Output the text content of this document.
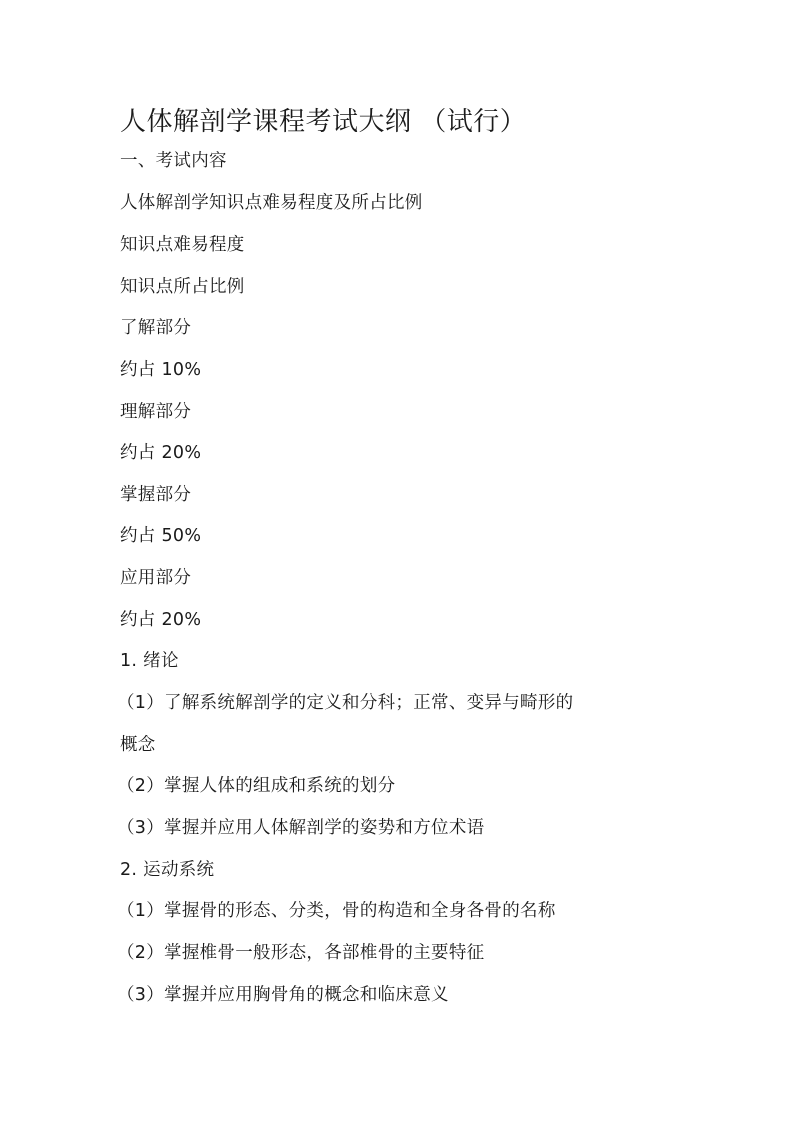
人体解剖学课程考试大纲 （试行）
一、考试内容
人体解剖学知识点难易程度及所占比例
知识点难易程度
知识点所占比例
了解部分
约占 10%
理解部分
约占 20%
掌握部分
约占 50%
应用部分
约占 20%
1. 绪论
（1）了解系统解剖学的定义和分科；正常、变异与畸形的
概念
（2）掌握人体的组成和系统的划分
（3）掌握并应用人体解剖学的姿势和方位术语
2. 运动系统
（1）掌握骨的形态、分类，骨的构造和全身各骨的名称
（2）掌握椎骨一般形态，各部椎骨的主要特征
（3）掌握并应用胸骨角的概念和临床意义
